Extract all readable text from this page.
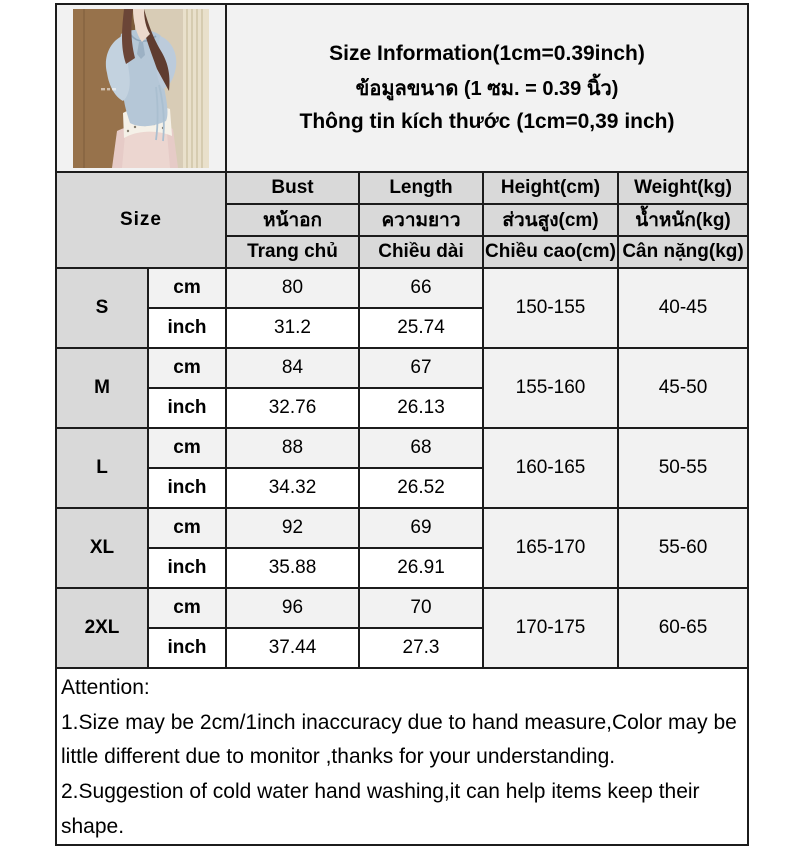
Size Information(1cm=0.39inch)
ข้อมูลขนาด (1 ซม. = 0.39 นิ้ว)
Thông tin kích thước (1cm=0,39 inch)			

Size		Bust	Length	Height(cm)	Weight(kg)
		หน้าอก	ความยาว	ส่วนสูง(cm)	น้ำหนัก(kg)
		Trang chủ	Chiều dài	Chiều cao(cm)	Cân nặng(kg)
S	cm	80	66	150-155	40-45
	inch	31.2	25.74		
M	cm	84	67	155-160	45-50
	inch	32.76	26.13		
L	cm	88	68	160-165	50-55
	inch	34.32	26.52		
XL	cm	92	69	165-170	55-60
	inch	35.88	26.91		
2XL	cm	96	70	170-175	60-65
	inch	37.44	27.3		

Attention:
1.Size may be 2cm/1inch inaccuracy due to hand measure,Color may be little different due to monitor ,thanks for your understanding.
2.Suggestion of cold water hand washing,it can help items keep their shape.					
